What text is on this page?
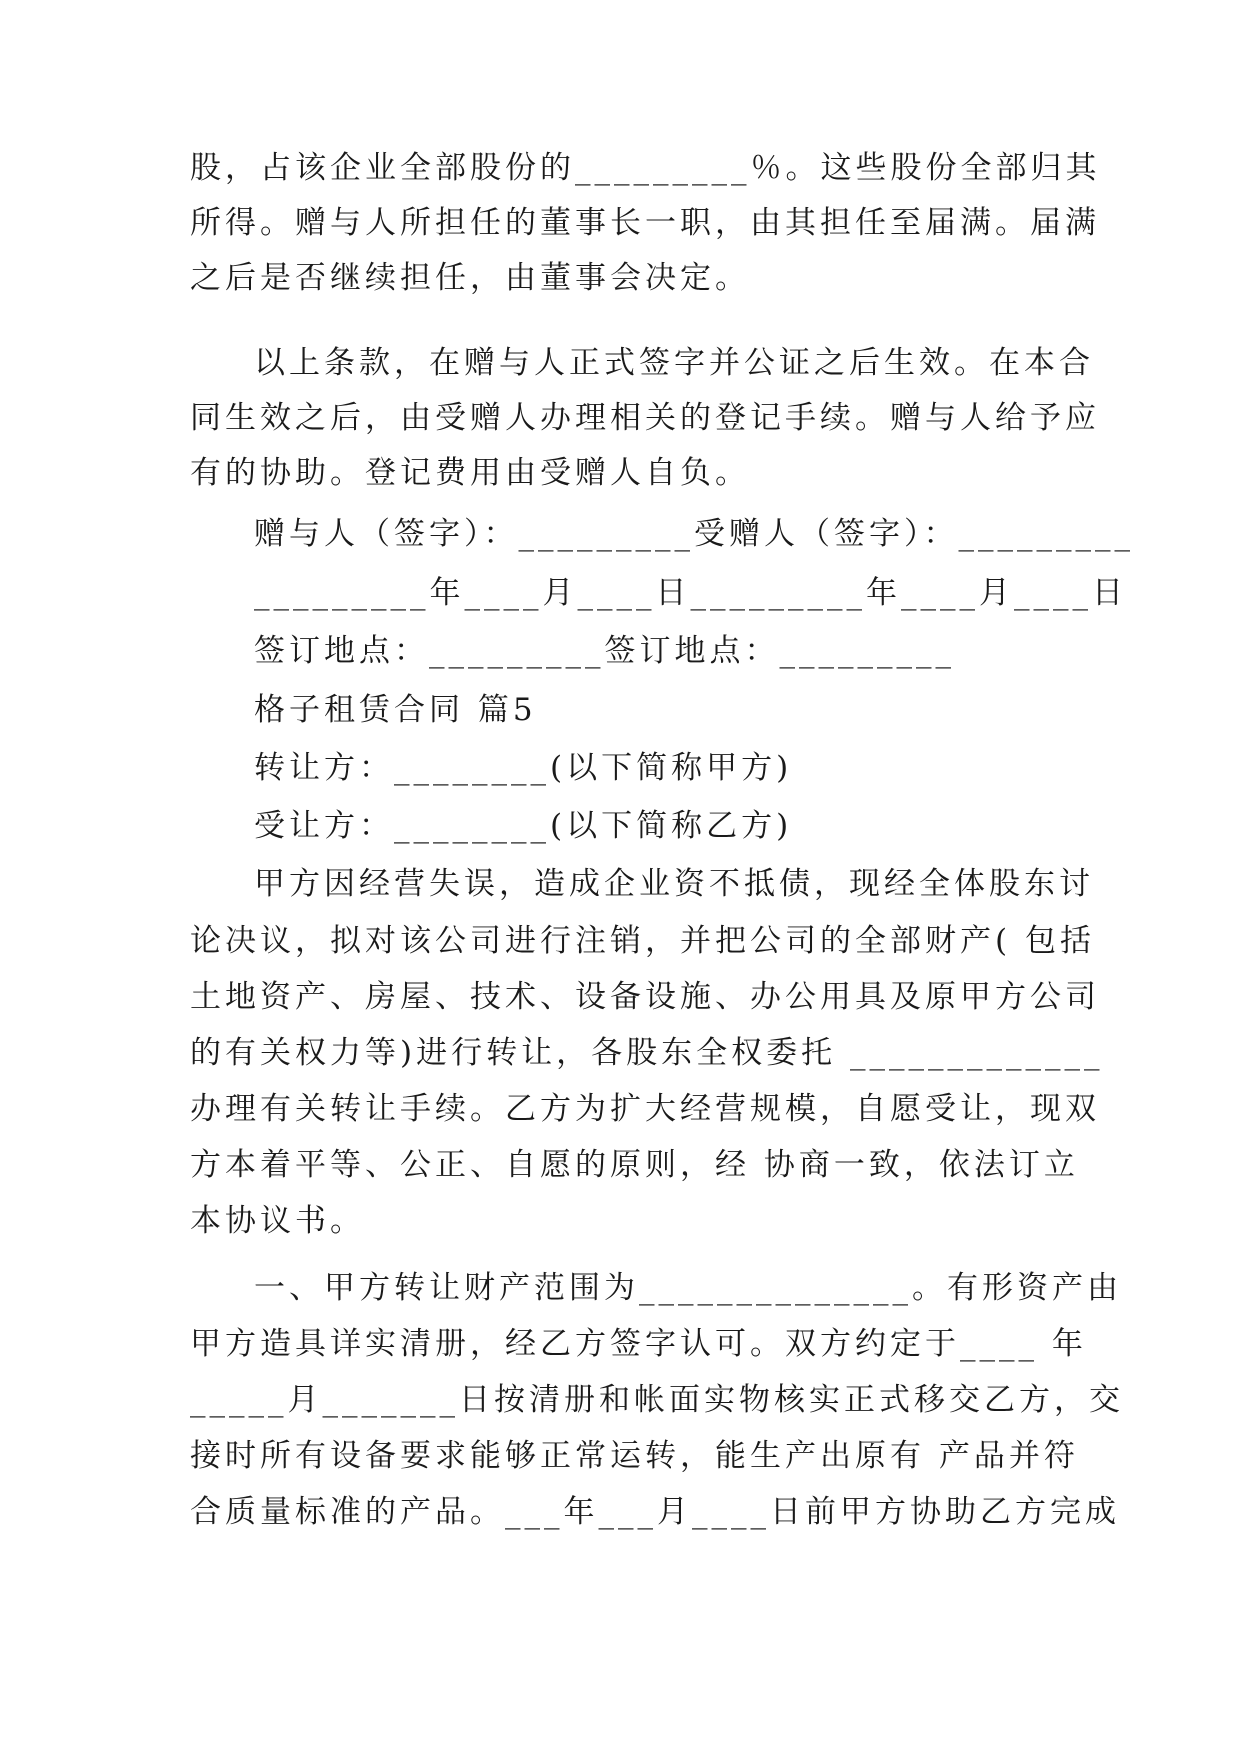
股，占该企业全部股份的_________％。这些股份全部归其
所得。赠与人所担任的董事长一职，由其担任至届满。届满
之后是否继续担任，由董事会决定。
以上条款，在赠与人正式签字并公证之后生效。在本合
同生效之后，由受赠人办理相关的登记手续。赠与人给予应
有的协助。登记费用由受赠人自负。
赠与人（签字）：_________受赠人（签字）：_________
_________年____月____日_________年____月____日
签订地点：_________签订地点：_________
格子租赁合同 篇5
转让方：________(以下简称甲方)
受让方：________(以下简称乙方)
甲方因经营失误，造成企业资不抵债，现经全体股东讨
论决议，拟对该公司进行注销，并把公司的全部财产( 包括
土地资产、房屋、技术、设备设施、办公用具及原甲方公司
的有关权力等)进行转让，各股东全权委托 _____________
办理有关转让手续。乙方为扩大经营规模，自愿受让，现双
方本着平等、公正、自愿的原则，经 协商一致，依法订立
本协议书。
一、甲方转让财产范围为______________。有形资产由
甲方造具详实清册，经乙方签字认可。双方约定于____ 年
_____月_______日按清册和帐面实物核实正式移交乙方，交
接时所有设备要求能够正常运转，能生产出原有 产品并符
合质量标准的产品。___年___月____日前甲方协助乙方完成
